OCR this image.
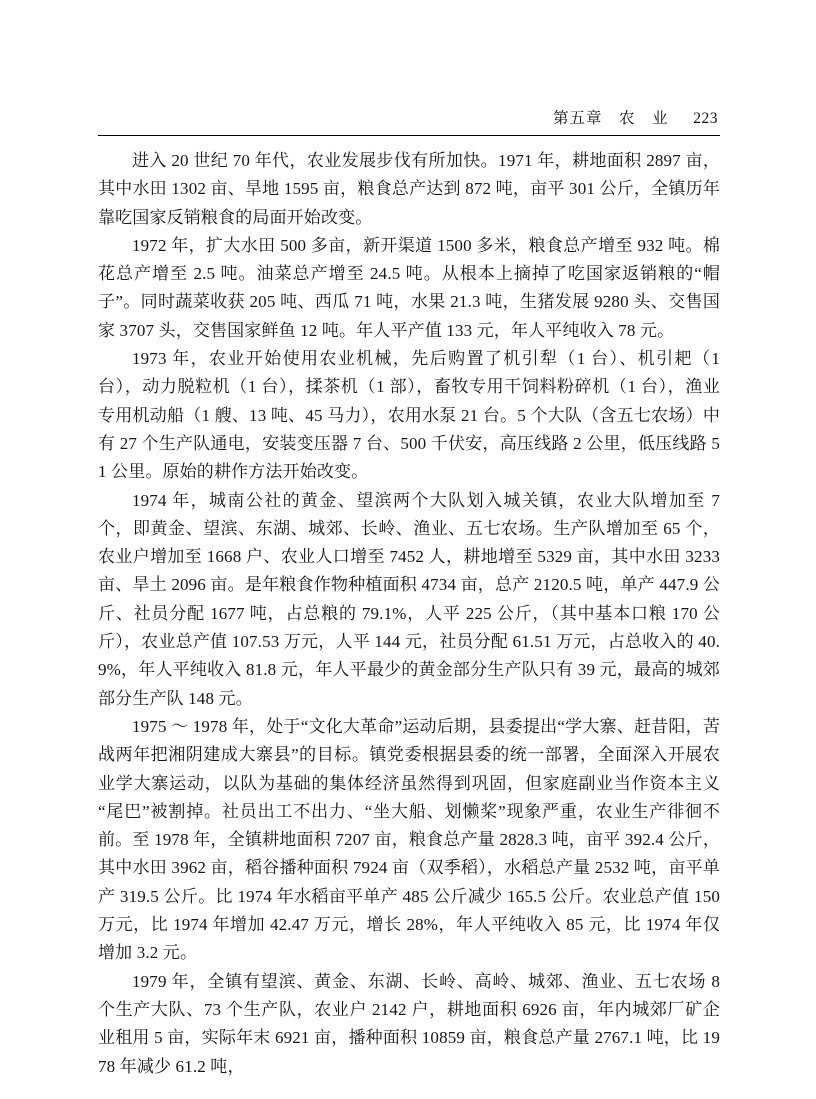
第五章　农　业 223

进入 20 世纪 70 年代，农业发展步伐有所加快。1971 年，耕地面积 2897 亩，其中水田 1302 亩、旱地 1595 亩，粮食总产达到 872 吨，亩平 301 公斤，全镇历年靠吃国家反销粮食的局面开始改变。

1972 年，扩大水田 500 多亩，新开渠道 1500 多米，粮食总产增至 932 吨。棉花总产增至 2.5 吨。油菜总产增至 24.5 吨。从根本上摘掉了吃国家返销粮的“帽子”。同时蔬菜收获 205 吨、西瓜 71 吨，水果 21.3 吨，生猪发展 9280 头、交售国家 3707 头，交售国家鲜鱼 12 吨。年人平产值 133 元，年人平纯收入 78 元。

1973 年，农业开始使用农业机械，先后购置了机引犁（1 台）、机引耙（1 台），动力脱粒机（1 台），揉茶机（1 部），畜牧专用干饲料粉碎机（1 台），渔业专用机动船（1 艘、13 吨、45 马力），农用水泵 21 台。5 个大队（含五七农场）中有 27 个生产队通电，安装变压器 7 台、500 千伏安，高压线路 2 公里，低压线路 51 公里。原始的耕作方法开始改变。

1974 年，城南公社的黄金、望滨两个大队划入城关镇，农业大队增加至 7 个，即黄金、望滨、东湖、城郊、长岭、渔业、五七农场。生产队增加至 65 个，农业户增加至 1668 户、农业人口增至 7452 人，耕地增至 5329 亩，其中水田 3233 亩、旱土 2096 亩。是年粮食作物种植面积 4734 亩，总产 2120.5 吨，单产 447.9 公斤、社员分配 1677 吨，占总粮的 79.1%，人平 225 公斤，（其中基本口粮 170 公斤），农业总产值 107.53 万元，人平 144 元，社员分配 61.51 万元，占总收入的 40.9%，年人平纯收入 81.8 元，年人平最少的黄金部分生产队只有 39 元，最高的城郊部分生产队 148 元。

1975 ～ 1978 年，处于“文化大革命”运动后期，县委提出“学大寨、赶昔阳，苦战两年把湘阴建成大寨县”的目标。镇党委根据县委的统一部署，全面深入开展农业学大寨运动，以队为基础的集体经济虽然得到巩固，但家庭副业当作资本主义“尾巴”被割掉。社员出工不出力、“坐大船、划懒桨”现象严重，农业生产徘徊不前。至 1978 年，全镇耕地面积 7207 亩，粮食总产量 2828.3 吨，亩平 392.4 公斤，其中水田 3962 亩，稻谷播种面积 7924 亩（双季稻），水稻总产量 2532 吨，亩平单产 319.5 公斤。比 1974 年水稻亩平单产 485 公斤减少 165.5 公斤。农业总产值 150 万元，比 1974 年增加 42.47 万元，增长 28%，年人平纯收入 85 元，比 1974 年仅增加 3.2 元。

1979 年，全镇有望滨、黄金、东湖、长岭、高岭、城郊、渔业、五七农场 8 个生产大队、73 个生产队，农业户 2142 户，耕地面积 6926 亩，年内城郊厂矿企业租用 5 亩，实际年末 6921 亩，播种面积 10859 亩，粮食总产量 2767.1 吨，比 1978 年减少 61.2 吨，
